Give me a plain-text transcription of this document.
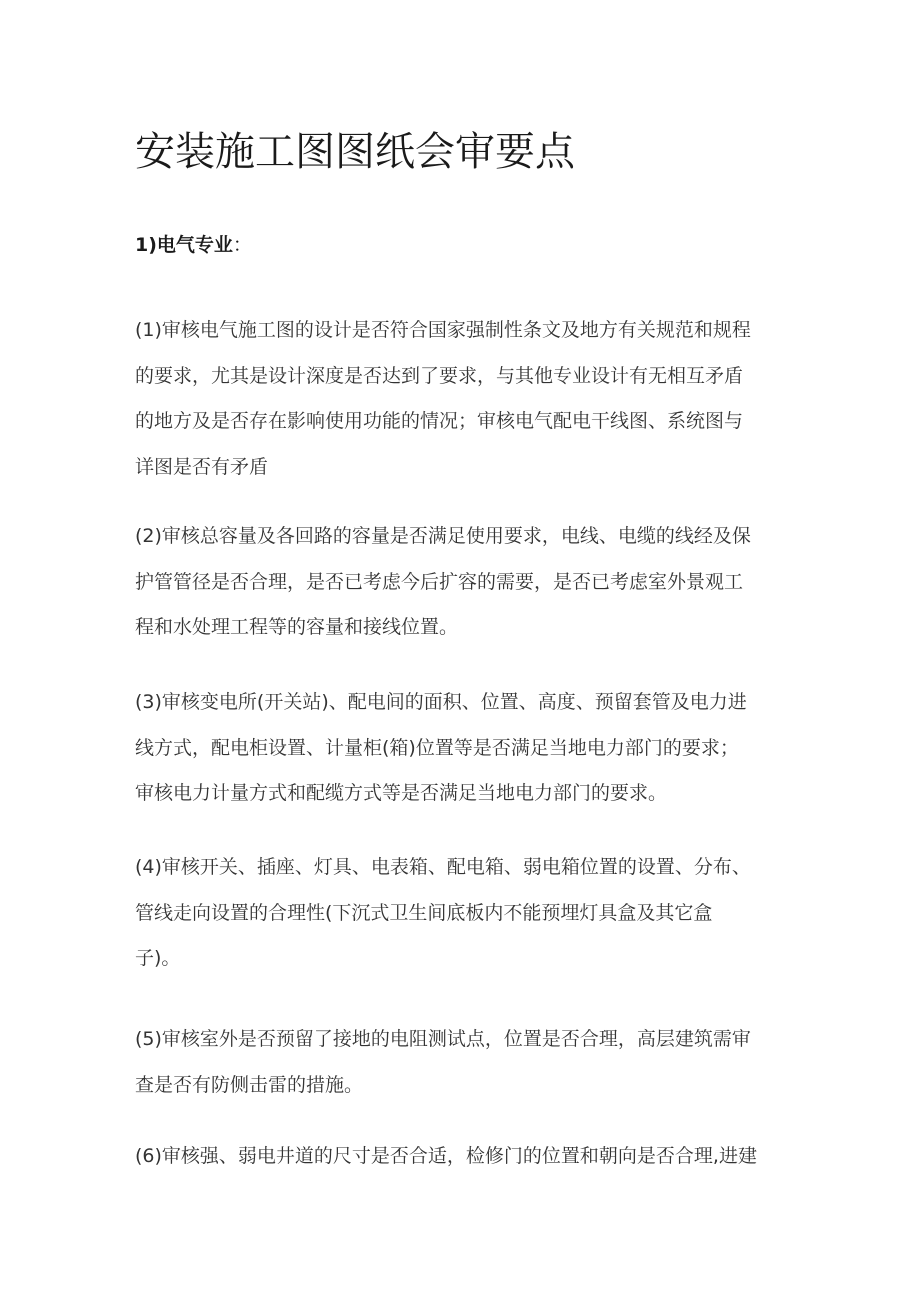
安装施工图图纸会审要点

1)电气专业：

(1)审核电气施工图的设计是否符合国家强制性条文及地方有关规范和规程
的要求，尤其是设计深度是否达到了要求，与其他专业设计有无相互矛盾
的地方及是否存在影响使用功能的情况；审核电气配电干线图、系统图与
详图是否有矛盾

(2)审核总容量及各回路的容量是否满足使用要求，电线、电缆的线经及保
护管管径是否合理，是否已考虑今后扩容的需要，是否已考虑室外景观工
程和水处理工程等的容量和接线位置。

(3)审核变电所(开关站)、配电间的面积、位置、高度、预留套管及电力进
线方式，配电柜设置、计量柜(箱)位置等是否满足当地电力部门的要求；
审核电力计量方式和配缆方式等是否满足当地电力部门的要求。

(4)审核开关、插座、灯具、电表箱、配电箱、弱电箱位置的设置、分布、
管线走向设置的合理性(下沉式卫生间底板内不能预埋灯具盒及其它盒
子)。

(5)审核室外是否预留了接地的电阻测试点，位置是否合理，高层建筑需审
查是否有防侧击雷的措施。

(6)审核强、弱电井道的尺寸是否合适，检修门的位置和朝向是否合理,进建
